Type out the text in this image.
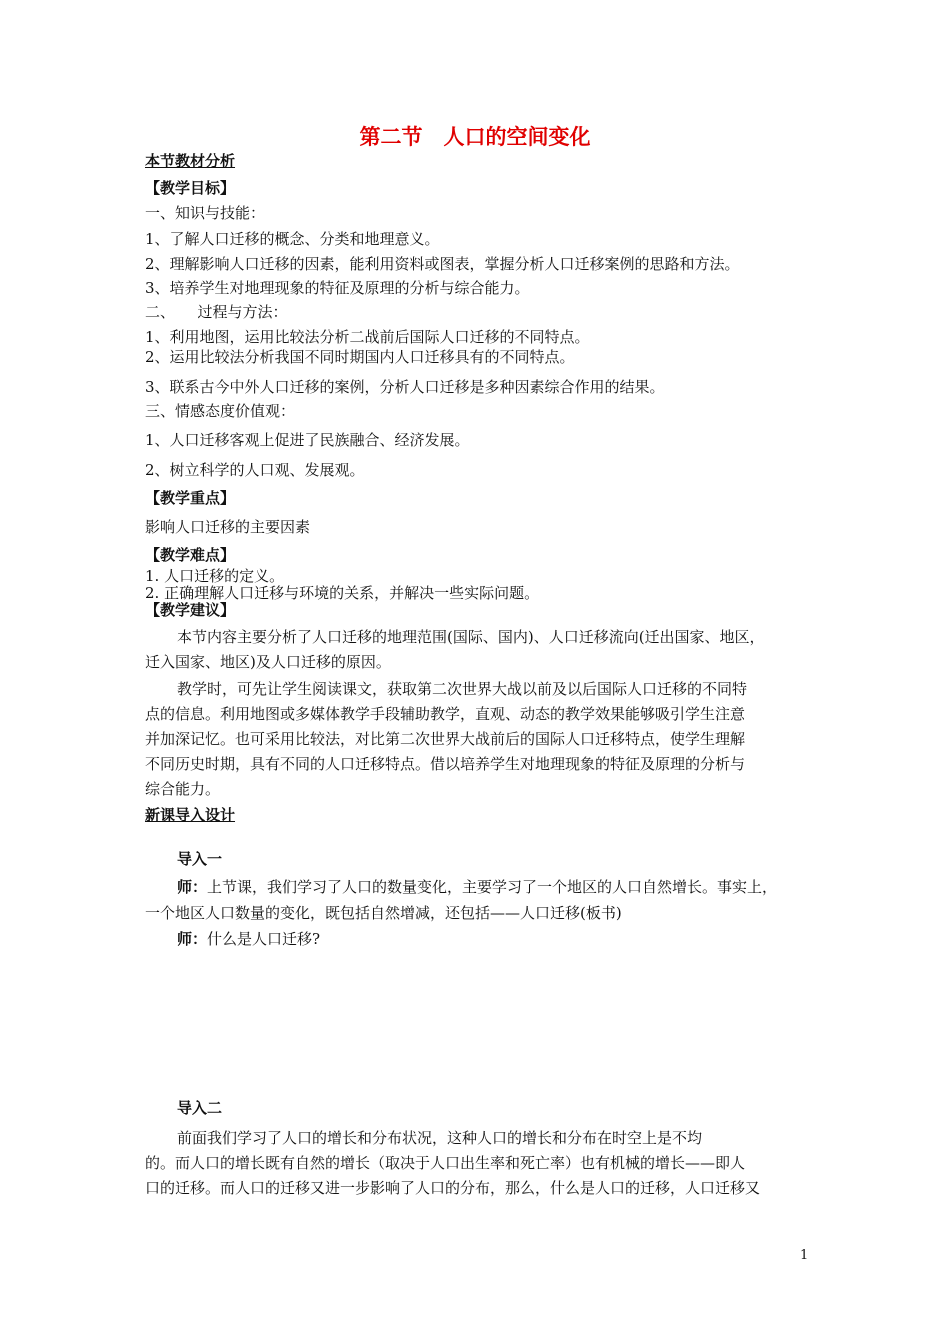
第二节　人口的空间变化
本节教材分析
【教学目标】
一、知识与技能：
1、了解人口迁移的概念、分类和地理意义。
2、理解影响人口迁移的因素，能利用资料或图表，掌握分析人口迁移案例的思路和方法。
3、培养学生对地理现象的特征及原理的分析与综合能力。
二、　　过程与方法：
1、利用地图，运用比较法分析二战前后国际人口迁移的不同特点。
2、运用比较法分析我国不同时期国内人口迁移具有的不同特点。
3、联系古今中外人口迁移的案例，分析人口迁移是多种因素综合作用的结果。
三、情感态度价值观：
1、人口迁移客观上促进了民族融合、经济发展。
2、树立科学的人口观、发展观。
【教学重点】
影响人口迁移的主要因素
【教学难点】
1. 人口迁移的定义。
2. 正确理解人口迁移与环境的关系，并解决一些实际问题。
【教学建议】
本节内容主要分析了人口迁移的地理范围(国际、国内)、人口迁移流向(迁出国家、地区，
迁入国家、地区)及人口迁移的原因。
教学时，可先让学生阅读课文，获取第二次世界大战以前及以后国际人口迁移的不同特
点的信息。利用地图或多媒体教学手段辅助教学，直观、动态的教学效果能够吸引学生注意
并加深记忆。也可采用比较法，对比第二次世界大战前后的国际人口迁移特点，使学生理解
不同历史时期，具有不同的人口迁移特点。借以培养学生对地理现象的特征及原理的分析与
综合能力。
新课导入设计
导入一
师：上节课，我们学习了人口的数量变化，主要学习了一个地区的人口自然增长。事实上，
一个地区人口数量的变化，既包括自然增减，还包括——人口迁移(板书)
师：什么是人口迁移?
导入二
前面我们学习了人口的增长和分布状况，这种人口的增长和分布在时空上是不均
的。而人口的增长既有自然的增长（取决于人口出生率和死亡率）也有机械的增长——即人
口的迁移。而人口的迁移又进一步影响了人口的分布，那么，什么是人口的迁移，人口迁移又
1
